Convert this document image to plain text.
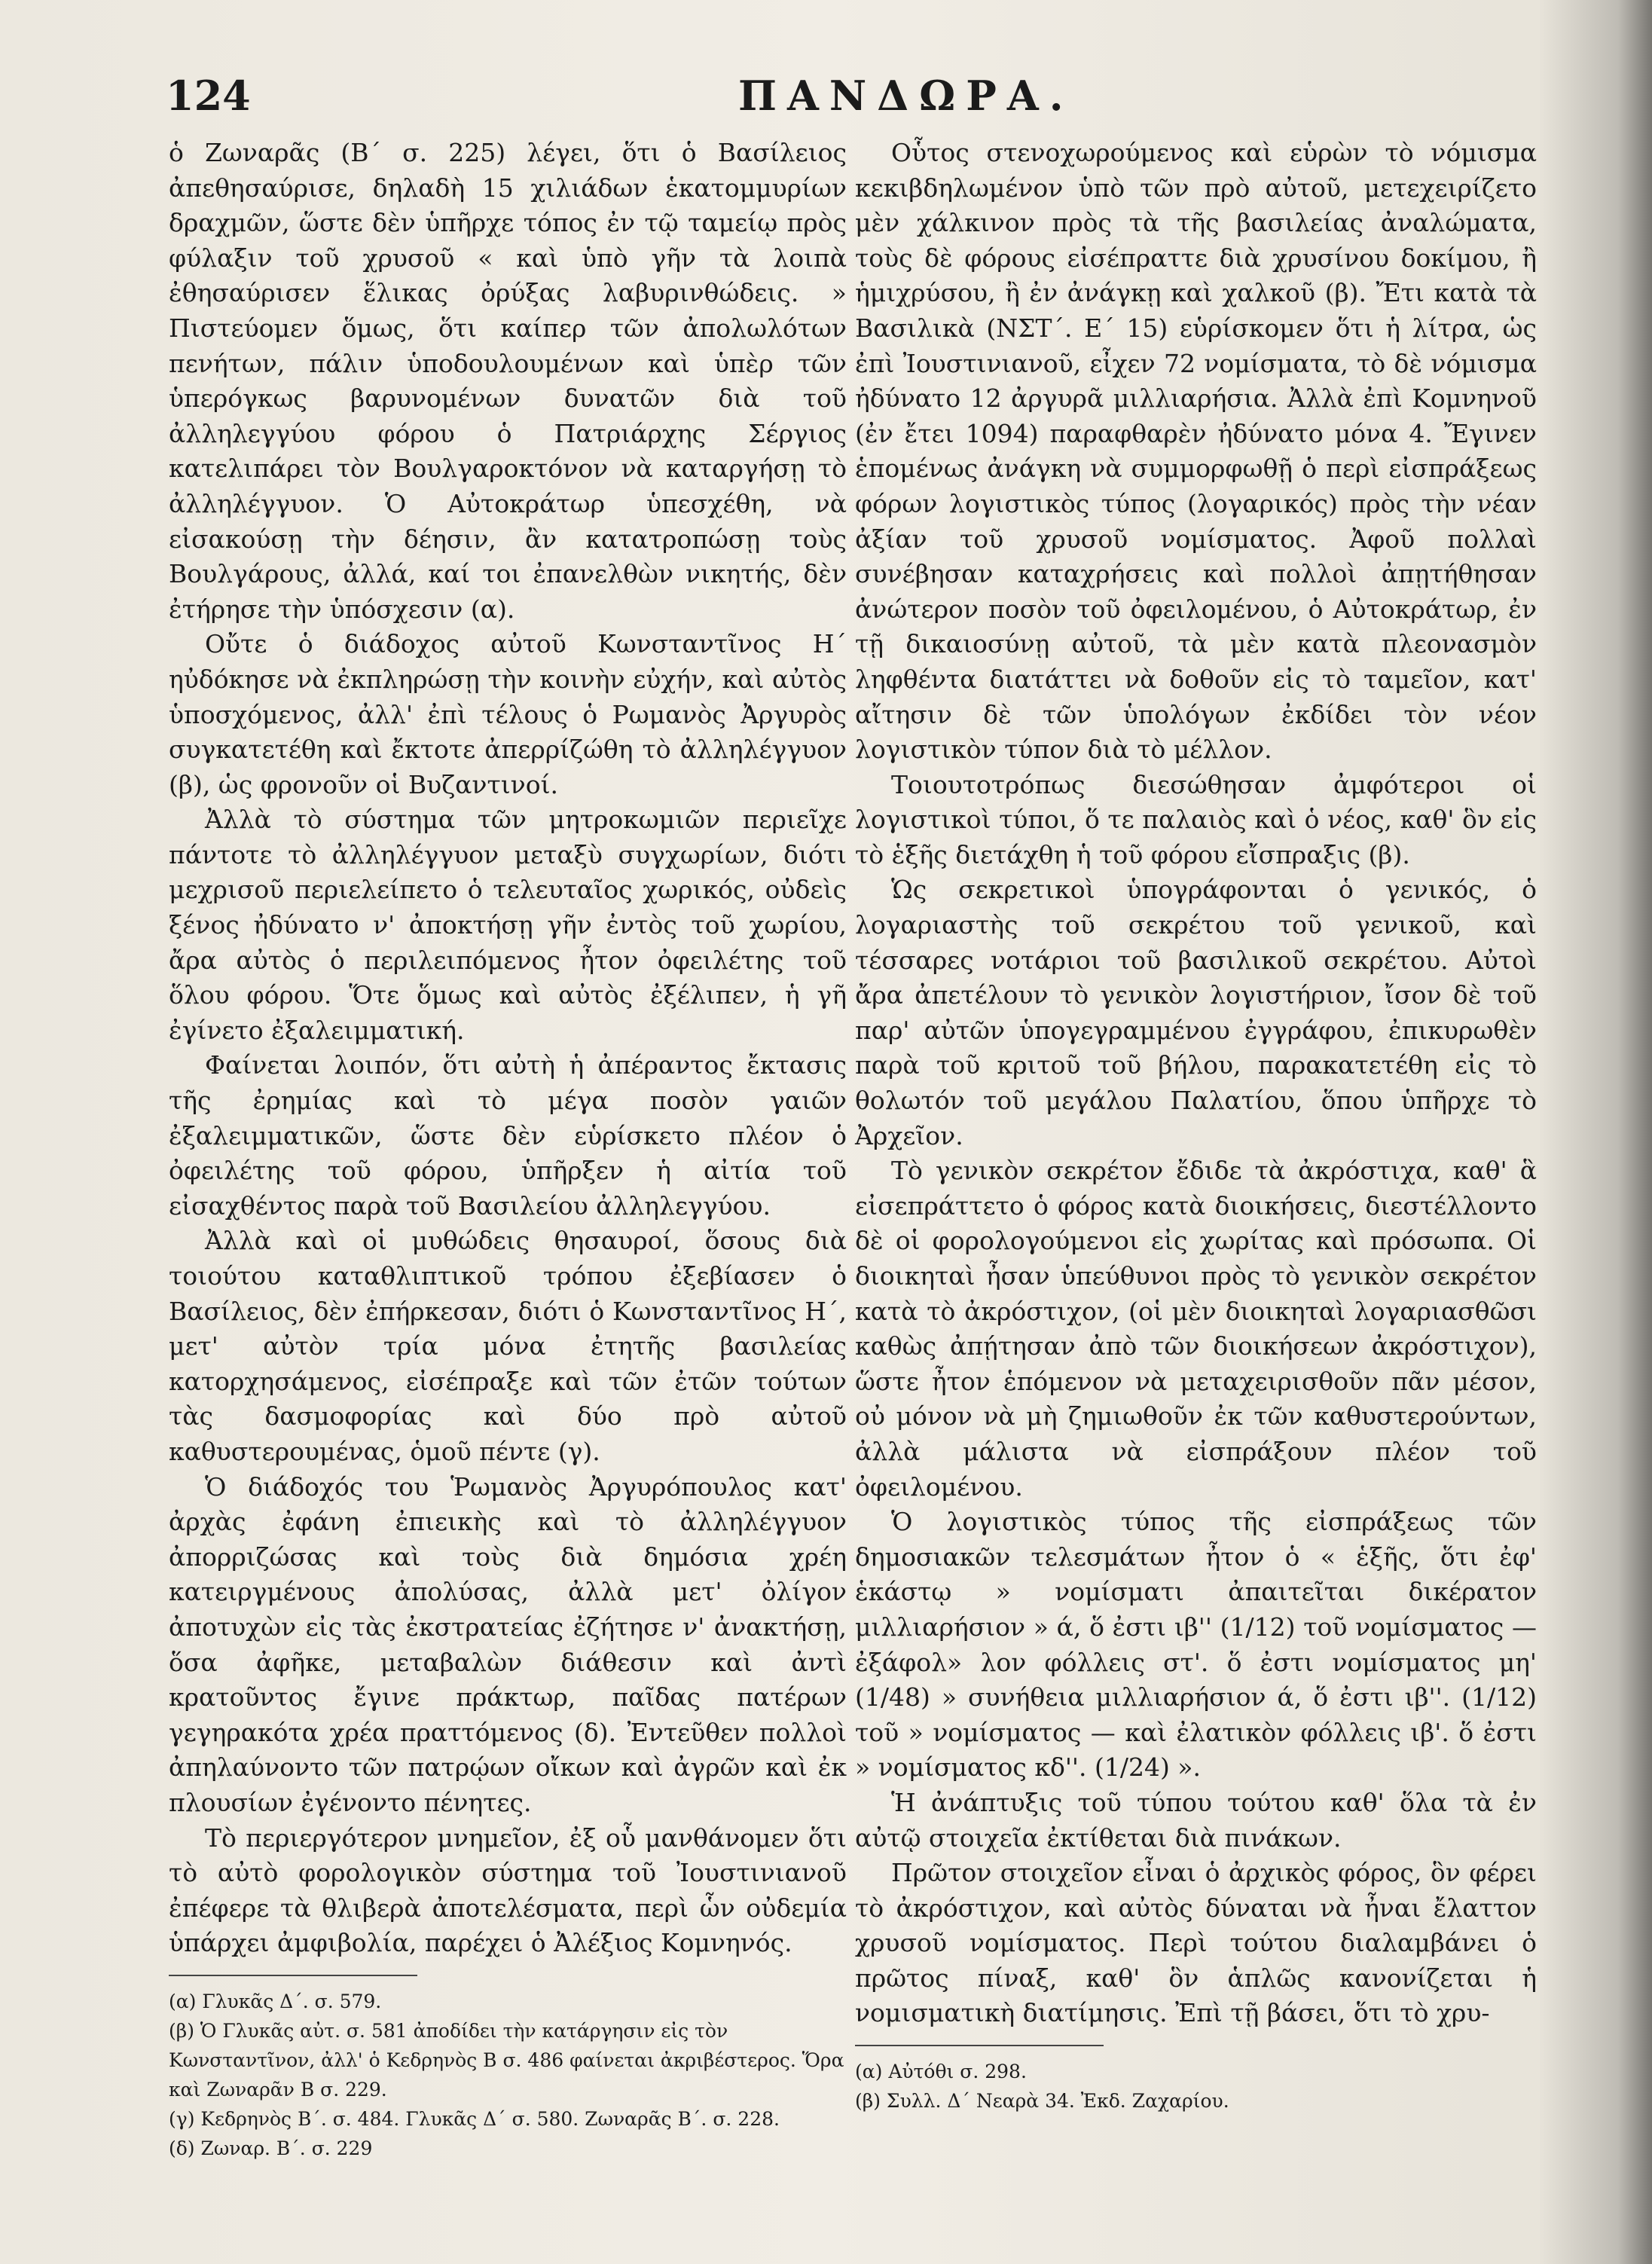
124	ΠΑΝΔΩΡΑ.

ὁ Ζωναρᾶς (Β΄ σ. 225) λέγει, ὅτι ὁ Βασίλειος ἀπεθησαύρισε, δηλαδὴ 15 χιλιάδων ἑκατομμυρίων δραχμῶν, ὥστε δὲν ὑπῆρχε τόπος ἐν τῷ ταμείῳ πρὸς φύλαξιν τοῦ χρυσοῦ « καὶ ὑπὸ γῆν τὰ λοιπὰ ἐθησαύρισεν ἕλικας ὀρύξας λαβυρινθώδεις. » Πιστεύομεν ὅμως, ὅτι καίπερ τῶν ἀπολωλότων πενήτων, πάλιν ὑποδουλουμένων καὶ ὑπὲρ τῶν ὑπερόγκως βαρυνομένων δυνατῶν διὰ τοῦ ἀλληλεγγύου φόρου ὁ Πατριάρχης Σέργιος κατελιπάρει τὸν Βουλγαροκτόνον νὰ καταργήσῃ τὸ ἀλληλέγγυον. Ὁ Αὐτοκράτωρ ὑπεσχέθη, νὰ εἰσακούσῃ τὴν δέησιν, ἂν κατατροπώσῃ τοὺς Βουλγάρους, ἀλλά, καί τοι ἐπανελθὼν νικητής, δὲν ἐτήρησε τὴν ὑπόσχεσιν (α).

Οὔτε ὁ διάδοχος αὐτοῦ Κωνσταντῖνος Η΄ ηὐδόκησε νὰ ἐκπληρώσῃ τὴν κοινὴν εὐχήν, καὶ αὐτὸς ὑποσχόμενος, ἀλλ' ἐπὶ τέλους ὁ Ρωμανὸς Ἀργυρὸς συγκατετέθη καὶ ἔκτοτε ἀπερρίζώθη τὸ ἀλληλέγγυον (β), ὡς φρονοῦν οἱ Βυζαντινοί.

Ἀλλὰ τὸ σύστημα τῶν μητροκωμιῶν περιεῖχε πάντοτε τὸ ἀλληλέγγυον μεταξὺ συγχωρίων, διότι μεχρισοῦ περιελείπετο ὁ τελευταῖος χωρικός, οὐδεὶς ξένος ἠδύνατο ν' ἀποκτήσῃ γῆν ἐντὸς τοῦ χωρίου, ἄρα αὐτὸς ὁ περιλειπόμενος ἦτον ὀφειλέτης τοῦ ὅλου φόρου. Ὅτε ὅμως καὶ αὐτὸς ἐξέλιπεν, ἡ γῆ ἐγίνετο ἐξαλειμματική.

Φαίνεται λοιπόν, ὅτι αὐτὴ ἡ ἀπέραντος ἔκτασις τῆς ἐρημίας καὶ τὸ μέγα ποσὸν γαιῶν ἐξαλειμματικῶν, ὥστε δὲν εὑρίσκετο πλέον ὁ ὀφειλέτης τοῦ φόρου, ὑπῆρξεν ἡ αἰτία τοῦ εἰσαχθέντος παρὰ τοῦ Βασιλείου ἀλληλεγγύου.

Ἀλλὰ καὶ οἱ μυθώδεις θησαυροί, ὅσους διὰ τοιούτου καταθλιπτικοῦ τρόπου ἐξεβίασεν ὁ Βασίλειος, δὲν ἐπήρκεσαν, διότι ὁ Κωνσταντῖνος Η΄, μετ' αὐτὸν τρία μόνα ἐτητῆς βασιλείας κατορχησάμενος, εἰσέπραξε καὶ τῶν ἐτῶν τούτων τὰς δασμοφορίας καὶ δύο πρὸ αὐτοῦ καθυστερουμένας, ὁμοῦ πέντε (γ).

Ὁ διάδοχός του Ῥωμανὸς Ἀργυρόπουλος κατ' ἀρχὰς ἐφάνη ἐπιεικὴς καὶ τὸ ἀλληλέγγυον ἀπορριζώσας καὶ τοὺς διὰ δημόσια χρέη κατειργμένους ἀπολύσας, ἀλλὰ μετ' ὀλίγον ἀποτυχὼν εἰς τὰς ἐκστρατείας ἐζήτησε ν' ἀνακτήσῃ, ὅσα ἀφῆκε, μεταβαλὼν διάθεσιν καὶ ἀντὶ κρατοῦντος ἔγινε πράκτωρ, παῖδας πατέρων γεγηρακότα χρέα πραττόμενος (δ). Ἐντεῦθεν πολλοὶ ἀπηλαύνοντο τῶν πατρῴων οἴκων καὶ ἀγρῶν καὶ ἐκ πλουσίων ἐγένοντο πένητες.

Τὸ περιεργότερον μνημεῖον, ἐξ οὗ μανθάνομεν ὅτι τὸ αὐτὸ φορολογικὸν σύστημα τοῦ Ἰουστινιανοῦ ἐπέφερε τὰ θλιβερὰ ἀποτελέσματα, περὶ ὧν οὐδεμία ὑπάρχει ἀμφιβολία, παρέχει ὁ Ἀλέξιος Κομνηνός.

(α) Γλυκᾶς Δ΄. σ. 579.
(β) Ὁ Γλυκᾶς αὐτ. σ. 581 ἀποδίδει τὴν κατάργησιν εἰς τὸν Κωνσταντῖνον, ἀλλ' ὁ Κεδρηνὸς Β σ. 486 φαίνεται ἀκριβέστερος. Ὅρα καὶ Ζωναρᾶν Β σ. 229.
(γ) Κεδρηνὸς Β΄. σ. 484. Γλυκᾶς Δ΄ σ. 580. Ζωναρᾶς Β΄. σ. 228.
(δ) Ζωναρ. Β΄. σ. 229

Οὗτος στενοχωρούμενος καὶ εὑρὼν τὸ νόμισμα κεκιβδηλωμένον ὑπὸ τῶν πρὸ αὐτοῦ, μετεχειρίζετο μὲν χάλκινον πρὸς τὰ τῆς βασιλείας ἀναλώματα, τοὺς δὲ φόρους εἰσέπραττε διὰ χρυσίνου δοκίμου, ἢ ἡμιχρύσου, ἢ ἐν ἀνάγκῃ καὶ χαλκοῦ (β). Ἔτι κατὰ τὰ Βασιλικὰ (ΝΣΤ΄. Ε΄ 15) εὑρίσκομεν ὅτι ἡ λίτρα, ὡς ἐπὶ Ἰουστινιανοῦ, εἶχεν 72 νομίσματα, τὸ δὲ νόμισμα ἠδύνατο 12 ἀργυρᾶ μιλλιαρήσια. Ἀλλὰ ἐπὶ Κομνηνοῦ (ἐν ἔτει 1094) παραφθαρὲν ἠδύνατο μόνα 4. Ἔγινεν ἑπομένως ἀνάγκη νὰ συμμορφωθῇ ὁ περὶ εἰσπράξεως φόρων λογιστικὸς τύπος (λογαρικός) πρὸς τὴν νέαν ἀξίαν τοῦ χρυσοῦ νομίσματος. Ἀφοῦ πολλαὶ συνέβησαν καταχρήσεις καὶ πολλοὶ ἀπῃτήθησαν ἀνώτερον ποσὸν τοῦ ὀφειλομένου, ὁ Αὐτοκράτωρ, ἐν τῇ δικαιοσύνῃ αὐτοῦ, τὰ μὲν κατὰ πλεονασμὸν ληφθέντα διατάττει νὰ δοθοῦν εἰς τὸ ταμεῖον, κατ' αἴτησιν δὲ τῶν ὑπολόγων ἐκδίδει τὸν νέον λογιστικὸν τύπον διὰ τὸ μέλλον.

Τοιουτοτρόπως διεσώθησαν ἀμφότεροι οἱ λογιστικοὶ τύποι, ὅ τε παλαιὸς καὶ ὁ νέος, καθ' ὃν εἰς τὸ ἑξῆς διετάχθη ἡ τοῦ φόρου εἴσπραξις (β).

Ὡς σεκρετικοὶ ὑπογράφονται ὁ γενικός, ὁ λογαριαστὴς τοῦ σεκρέτου τοῦ γενικοῦ, καὶ τέσσαρες νοτάριοι τοῦ βασιλικοῦ σεκρέτου. Αὐτοὶ ἄρα ἀπετέλουν τὸ γενικὸν λογιστήριον, ἴσον δὲ τοῦ παρ' αὐτῶν ὑπογεγραμμένου ἐγγράφου, ἐπικυρωθὲν παρὰ τοῦ κριτοῦ τοῦ βήλου, παρακατετέθη εἰς τὸ θολωτόν τοῦ μεγάλου Παλατίου, ὅπου ὑπῆρχε τὸ Ἀρχεῖον.

Τὸ γενικὸν σεκρέτον ἔδιδε τὰ ἀκρόστιχα, καθ' ἃ εἰσεπράττετο ὁ φόρος κατὰ διοικήσεις, διεστέλλοντο δὲ οἱ φορολογούμενοι εἰς χωρίτας καὶ πρόσωπα. Οἱ διοικηταὶ ἦσαν ὑπεύθυνοι πρὸς τὸ γενικὸν σεκρέτον κατὰ τὸ ἀκρόστιχον, (οἱ μὲν διοικηταὶ λογαριασθῶσι καθὼς ἀπῄτησαν ἀπὸ τῶν διοικήσεων ἀκρόστιχον), ὥστε ἦτον ἑπόμενον νὰ μεταχειρισθοῦν πᾶν μέσον, οὐ μόνον νὰ μὴ ζημιωθοῦν ἐκ τῶν καθυστερούντων, ἀλλὰ μάλιστα νὰ εἰσπράξουν πλέον τοῦ ὀφειλομένου.

Ὁ λογιστικὸς τύπος τῆς εἰσπράξεως τῶν δημοσιακῶν τελεσμάτων ἦτον ὁ « ἑξῆς, ὅτι ἐφ' ἑκάστῳ » νομίσματι ἀπαιτεῖται δικέρατον μιλλιαρήσιον » ά, ὅ ἐστι ιβ'' (1/12) τοῦ νομίσματος — ἐξάφολ» λον φόλλεις στ'. ὅ ἐστι νομίσματος μη' (1/48) » συνήθεια μιλλιαρήσιον ά, ὅ ἐστι ιβ''. (1/12) τοῦ » νομίσματος — καὶ ἐλατικὸν φόλλεις ιβ'. ὅ ἐστι » νομίσματος κδ''. (1/24) ».

Ἡ ἀνάπτυξις τοῦ τύπου τούτου καθ' ὅλα τὰ ἐν αὐτῷ στοιχεῖα ἐκτίθεται διὰ πινάκων.

Πρῶτον στοιχεῖον εἶναι ὁ ἀρχικὸς φόρος, ὃν φέρει τὸ ἀκρόστιχον, καὶ αὐτὸς δύναται νὰ ἦναι ἔλαττον χρυσοῦ νομίσματος. Περὶ τούτου διαλαμβάνει ὁ πρῶτος πίναξ, καθ' ὃν ἁπλῶς κανονίζεται ἡ νομισματικὴ διατίμησις. Ἐπὶ τῇ βάσει, ὅτι τὸ χρυ-

(α) Αὐτόθι σ. 298.
(β) Συλλ. Δ΄ Νεαρὰ 34. Ἐκδ. Ζαχαρίου.
